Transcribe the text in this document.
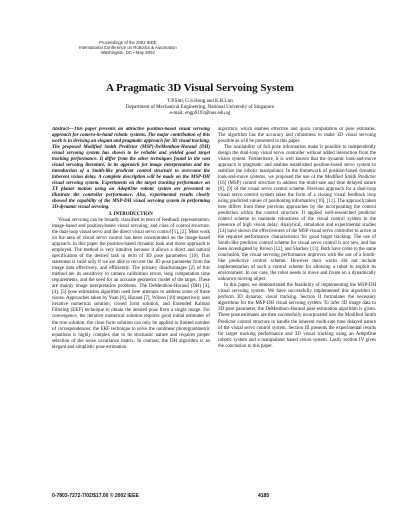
Proceedings of the 2002 IEEE
International Conference on Robotics & Automation
Washington, DC • May 2002
A Pragmatic 3D Visual Servoing System
T.P.Sim, G.S.Hong and K.B.Lim
Department of Mechanical Engineering, National University of Singapore
e-mail: engp9193@nus.edu.sg

Abstract—This paper presents an attractive position-based visual servoing approach for camera-in-hand robotic systems. The major contribution of this work is in devising an elegant and pragmatic approach for 3D visual tracking. The proposed Modified Smith Predictor (MSP)-DeMenthon-Horaud (DH) visual servoing system has shown to be reliable and yielded good target tracking performance. It differ from the other techniques found in the vast visual servoing literature, in its approach for image interpretation and the introduction of a Smith-like predictor control structure to overcome the inherent vision delay. A complete description will be made on the MSP-DH visual servoing system. Experiments on the target tracking performance on XY planar motion using an AdeptOne robotic system are presented to illustrate the controller performance. Also, experimental results clearly showed the capability of the MSP-DH visual servoing system in performing 3D-dynamic visual servoing.

I. INTRODUCTION

Visual servoing can be broadly classified in term of feedback representation: image-based and position-based visual servoing; and class of control structure: the dual-loop visual servo and the direct visual servo control [1], [2]. Most work on the area of visual servo control has been concentrated on the image-based approach. In this paper the position-based dynamic look and move approach is employed. The method is very intuitive because it allows a direct and natural specification of the desired task in term of 3D pose parameters [19]. This statement is valid only if we are able to recover the 3D pose parameter from the image data effectively, and efficiently. The primary disadvantages [2] of this method are its sensitivity to camera calibration errors, long computation time requirements, and the need for an accurate geometric model of the target. These are mainly image interpretation problems. The DeMenthon-Horaud (DH) [3], [4], [5] pose estimation algorithm used here attempts to address some of these issues. Approaches taken by Yuan [6], Haraud [7], Wilson [10] respectively uses iterative numerical solution, closed form solution, and Extended Kalman Filtering (EKF) technique to obtain the desired pose from a single image. For convergence, the iterative numerical solution requires good initial estimates of the true solution; the close form solution can only be applied to limited number of correspondences; the EKF technique to solve the nonlinear photogrammetric equations is highly complex due to its stochastic nature and requires proper selection of the noise covariance matrix. In contrast, the DH algorithm is an elegant and simplistic pose estimation

algorithm, which enables effective and quick computation of pose estimates. The algorithm has the accuracy and robustness to make 3D visual servoing possible as will be presented in this paper.

The availability of full pose information make it possible to independently design the dual-loop visual servo controller without added interaction from the vision system. Furthermore, it is well known that the dynamic look-and-move approach is pragmatic and enables established position-based servo system to stabilize the robotic manipulator. In the framework of position-based dynamic look-and-move systems, we proposed the use of the Modified Smith Predictor [16] (MSP) control structure to address the multi-rate and time delayed nature [8], [9] of the visual servo control scheme. Previous approach for a dual-loop visual servo control system takes the form of a closing visual feedback loop using predicted values of positioning information [10], [11]. The approach taken here differs from these previous approaches by the incorporating the control prediction within the control structure. It applied well-researched predictor control scheme to maintain robustness of the visual control system in the presence of high vision delay. Analytical, simulation and experimental studies [14] have shown the effectiveness of the MSP visual servo controller to arrive at the required performance characteristics for good target tracking. The use of Smith-like predictor control scheme for visual servo control is not new, and has been investigated by Brown [12], and Sharkey [13]. Both have come to the same conclusion, the visual servoing performance improves with the use of a Smith-like predictive control scheme. However their works did not include implementation of such a control scheme for allowing a robot to exploit its environment. In our case, the robot needs to move and fixate on a dynamically unknown moving object.

In this paper, we demonstrated the feasibility of implementing the MSP-DH visual servoing system. We have successfully implemented this algorithm to perform 3D dynamic visual tracking. Section II formulates the necessary algorithms for the MSP-DH visual servoing system. To infer 3D image data to 3D pose parameter, the DeMenthon-Horaud pose estimation algorithm is given. These pose estimates are then successfully incorporated into the Modified Smith Predictor control structure to handle the inherent multi-rate time delayed nature of the visual servo control system. Section III presents the experimental results for target tracking performance and 3D visual tracking using an AdeptOne robotic system and a manipulator based vision system. Lastly section IV gives the conclusion to this paper.

0-7803-7272-7/02/$17.00 © 2002 IEEE	4185
